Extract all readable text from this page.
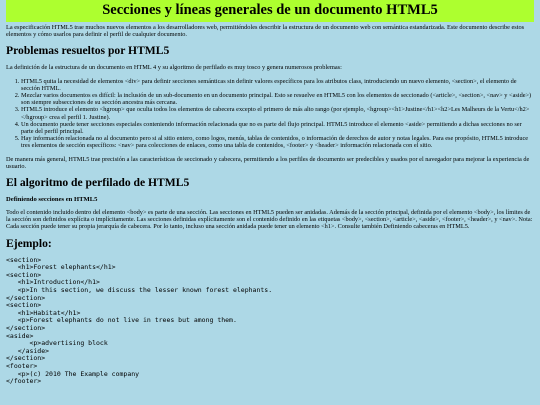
Secciones y líneas generales de un documento HTML5

La especificación HTML5 trae muchos nuevos elementos a los desarrolladores web, permitiéndoles describir la estructura de un documento web con semántica estandarizada. Este documento describe estos elementos y cómo usarlos para definir el perfil de cualquier documento.

Problemas resueltos por HTML5

La definición de la estructura de un documento en HTML 4 y su algoritmo de perfilado es muy tosco y genera numerosos problemas:

1. HTML5 quita la necesidad de elementos <div> para definir secciones semánticas sin definir valores específicos para los atributos class, introduciendo un nuevo elemento, <section>, el elemento de sección HTML.
2. Mezclar varios documentos es difícil: la inclusión de un sub-documento en un documento principal. Esto se resuelve en HTML5 con los elementos de seccionado (<article>, <section>, <nav> y <aside>) son siempre subsecciones de su sección ancestra más cercana.
3. HTML5 introduce el elemento <hgroup> que oculta todos los elementos de cabecera excepto el primero de más alto rango (por ejemplo, <hgroup><h1>Justine</h1><h2>Les Malheurs de la Vertu</h2></hgroup> crea el perfil 1. Justine).
4. Un documento puede tener secciones especiales conteniendo información relacionada que no es parte del flujo principal. HTML5 introduce el elemento <aside> permitiendo a dichas secciones no ser parte del perfil principal.
5. Hay información relacionada no al documento pero si al sitio entero, como logos, menús, tablas de contenidos, o información de derechos de autor y notas legales. Para ese propósito, HTML5 introduce tres elementos de sección específicos: <nav> para colecciones de enlaces, como una tabla de contenidos, <footer> y <header> información relacionada con el sitio.

De manera más general, HTML5 trae precisión a las características de seccionado y cabecera, permitiendo a los perfiles de documento ser predecibles y usados por el navegador para mejorar la experiencia de usuario.

El algoritmo de perfilado de HTML5
Definiendo secciones en HTML5

Todo el contenido incluido dentro del elemento <body> es parte de una sección. Las secciones en HTML5 pueden ser anidadas. Además de la sección principal, definida por el elemento <body>, los límites de la sección son definidos explícita o implícitamente. Las secciones definidas explícitamente son el contenido definido en las etiquetas <body>, <section>, <article>, <aside>, <footer>, <header>, y <nav>. Nota: Cada sección puede tener su propia jerarquía de cabecera. Por lo tanto, incluso una sección anidada puede tener un elemento <h1>. Consulte también Definiendo cabeceras en HTML5.

Ejemplo:
<section>
<h1>Forest elephants</h1>
<section>
<h1>Introduction</h1>
<p>In this section, we discuss the lesser known forest elephants.
</section>
<section>
<h1>Habitat</h1>
<p>Forest elephants do not live in trees but among them.
</section>
<aside>
<p>advertising block
</aside>
</section>
<footer>
<p>(c) 2010 The Example company
</footer>
